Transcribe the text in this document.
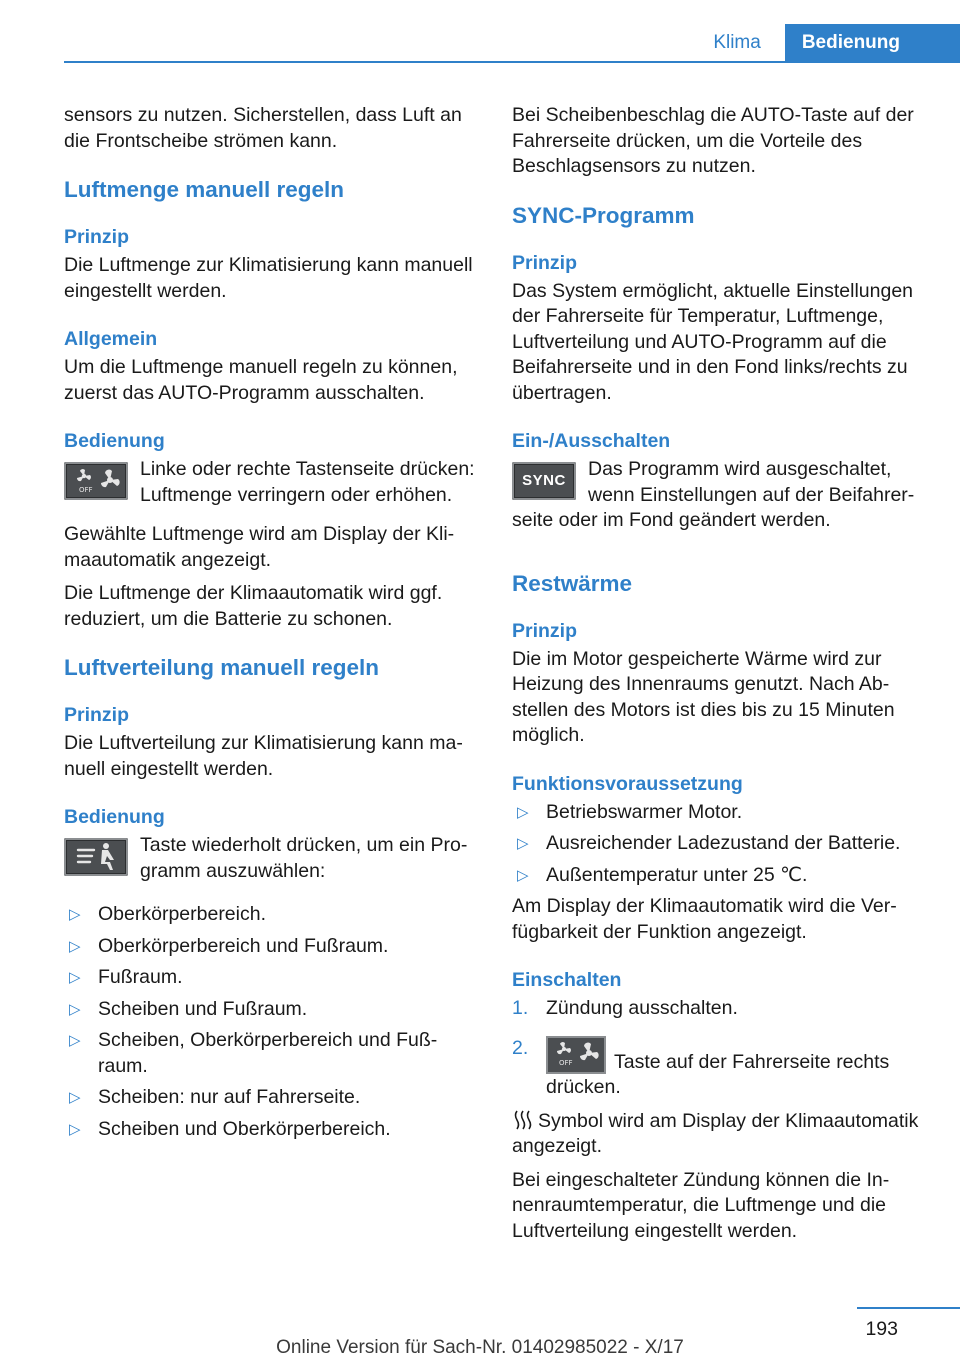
Klima	Bedienung

sensors zu nutzen. Sicherstellen, dass Luft an die Frontscheibe strömen kann.

Luftmenge manuell regeln
Prinzip

Die Luftmenge zur Klimatisierung kann manuell eingestellt werden.

Allgemein

Um die Luftmenge manuell regeln zu können, zuerst das AUTO-Programm ausschalten.

Bedienung
OFF
Linke oder rechte Tastenseite drücken: Luftmenge verringern oder erhöhen.

Gewählte Luftmenge wird am Display der Klimaautomatik angezeigt.

Die Luftmenge der Klimaautomatik wird ggf. reduziert, um die Batterie zu schonen.

Luftverteilung manuell regeln
Prinzip

Die Luftverteilung zur Klimatisierung kann manuell eingestellt werden.

Bedienung
Taste wiederholt drücken, um ein Programm auszuwählen:
▷ Oberkörperbereich.
▷ Oberkörperbereich und Fußraum.
▷ Fußraum.
▷ Scheiben und Fußraum.
▷ Scheiben, Oberkörperbereich und Fußraum.
▷ Scheiben: nur auf Fahrerseite.
▷ Scheiben und Oberkörperbereich.

Bei Scheibenbeschlag die AUTO-Taste auf der Fahrerseite drücken, um die Vorteile des Beschlagsensors zu nutzen.

SYNC-Programm
Prinzip

Das System ermöglicht, aktuelle Einstellungen der Fahrerseite für Temperatur, Luftmenge, Luftverteilung und AUTO-Programm auf die Beifahrerseite und in den Fond links/rechts zu übertragen.

Ein-/Ausschalten
SYNC
Das Programm wird ausgeschaltet, wenn Einstellungen auf der Beifahrerseite oder im Fond geändert werden.
Restwärme
Prinzip

Die im Motor gespeicherte Wärme wird zur Heizung des Innenraums genutzt. Nach Abstellen des Motors ist dies bis zu 15 Minuten möglich.

Funktionsvoraussetzung
▷ Betriebswarmer Motor.
▷ Ausreichender Ladezustand der Batterie.
▷ Außentemperatur unter 25 ℃.

Am Display der Klimaautomatik wird die Verfügbarkeit der Funktion angezeigt.

Einschalten
1. Zündung ausschalten.
2.
OFF Taste auf der Fahrerseite rechts drücken.

Symbol wird am Display der Klimaautomatik angezeigt.

Bei eingeschalteter Zündung können die Innenraumtemperatur, die Luftmenge und die Luftverteilung eingestellt werden.

193
Online Version für Sach-Nr. 01402985022 - X/17
